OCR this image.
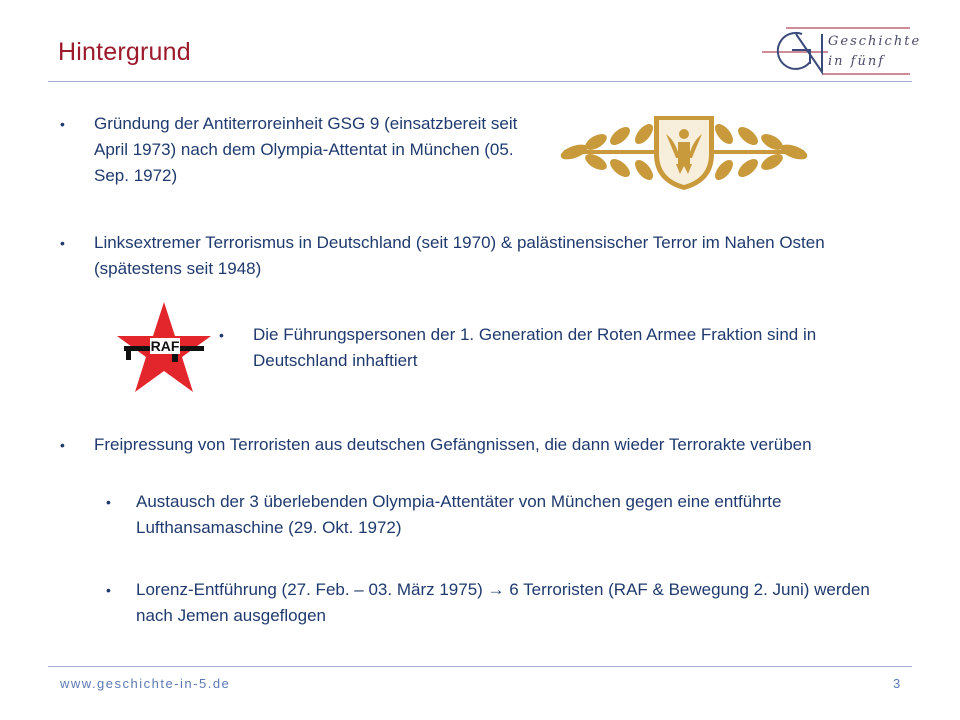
Hintergrund	Geschichte
in fünf
• Gründung der Antiterroreinheit GSG 9 (einsatzbereit seit April 1973) nach dem Olympia-Attentat in München (05. Sep. 1972)
• Linksextremer Terrorismus in Deutschland (seit 1970) & palästinensischer Terror im Nahen Osten (spätestens seit 1948)
RAF
• Die Führungspersonen der 1. Generation der Roten Armee Fraktion sind in Deutschland inhaftiert
• Freipressung von Terroristen aus deutschen Gefängnissen, die dann wieder Terrorakte verüben
• Austausch der 3 überlebenden Olympia-Attentäter von München gegen eine entführte Lufthansamaschine (29. Okt. 1972)
• Lorenz-Entführung (27. Feb. – 03. März 1975) → 6 Terroristen (RAF & Bewegung 2. Juni) werden nach Jemen ausgeflogen
www.geschichte-in-5.de	3
